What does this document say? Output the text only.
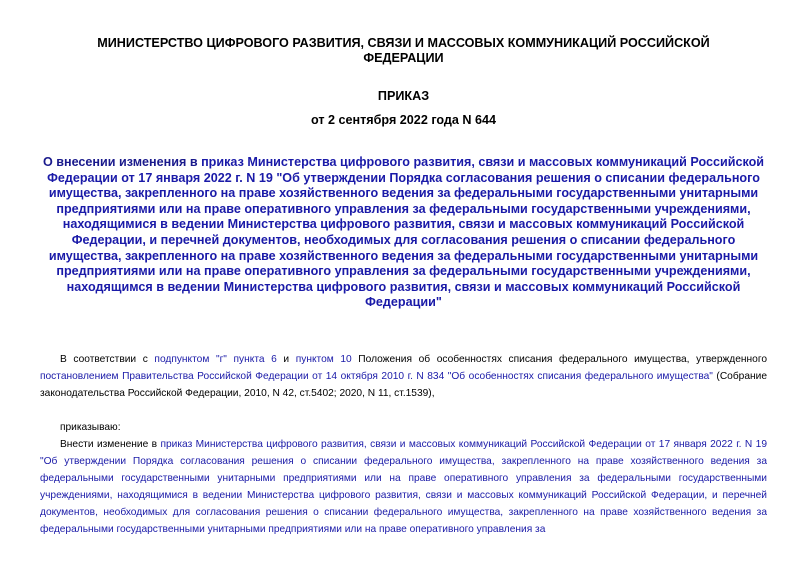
МИНИСТЕРСТВО ЦИФРОВОГО РАЗВИТИЯ, СВЯЗИ И МАССОВЫХ КОММУНИКАЦИЙ РОССИЙСКОЙ ФЕДЕРАЦИИ

ПРИКАЗ

от 2 сентября 2022 года N 644

О внесении изменения в приказ Министерства цифрового развития, связи и массовых коммуникаций Российской Федерации от 17 января 2022 г. N 19 "Об утверждении Порядка согласования решения о списании федерального имущества, закрепленного на праве хозяйственного ведения за федеральными государственными унитарными предприятиями или на праве оперативного управления за федеральными государственными учреждениями, находящимися в ведении Министерства цифрового развития, связи и массовых коммуникаций Российской Федерации, и перечней документов, необходимых для согласования решения о списании федерального имущества, закрепленного на праве хозяйственного ведения за федеральными государственными унитарными предприятиями или на праве оперативного управления за федеральными государственными учреждениями, находящимся в ведении Министерства цифрового развития, связи и массовых коммуникаций Российской Федерации"

В соответствии с подпунктом "г" пункта 6 и пунктом 10 Положения об особенностях списания федерального имущества, утвержденного постановлением Правительства Российской Федерации от 14 октября 2010 г. N 834 "Об особенностях списания федерального имущества" (Собрание законодательства Российской Федерации, 2010, N 42, ст.5402; 2020, N 11, ст.1539),

приказываю:

Внести изменение в приказ Министерства цифрового развития, связи и массовых коммуникаций Российской Федерации от 17 января 2022 г. N 19 "Об утверждении Порядка согласования решения о списании федерального имущества, закрепленного на праве хозяйственного ведения за федеральными государственными унитарными предприятиями или на праве оперативного управления за федеральными государственными учреждениями, находящимися в ведении Министерства цифрового развития, связи и массовых коммуникаций Российской Федерации, и перечней документов, необходимых для согласования решения о списании федерального имущества, закрепленного на праве хозяйственного ведения за федеральными государственными унитарными предприятиями или на праве оперативного управления за
